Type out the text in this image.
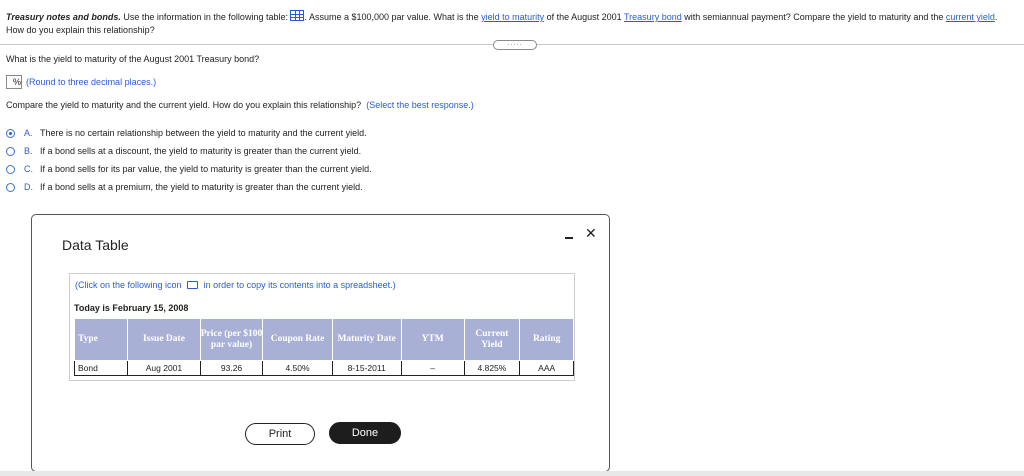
Treasury notes and bonds. Use the information in the following table: . Assume a $100,000 par value. What is the yield to maturity of the August 2001 Treasury bond with semiannual payment? Compare the yield to maturity and the current yield. How do you explain this relationship?
.....
What is the yield to maturity of the August 2001 Treasury bond?
% (Round to three decimal places.)
Compare the yield to maturity and the current yield. How do you explain this relationship? (Select the best response.)
A. There is no certain relationship between the yield to maturity and the current yield.
B. If a bond sells at a discount, the yield to maturity is greater than the current yield.
C. If a bond sells for its par value, the yield to maturity is greater than the current yield.
D. If a bond sells at a premium, the yield to maturity is greater than the current yield.
Data Table
✕
(Click on the following icon  in order to copy its contents into a spreadsheet.)
Today is February 15, 2008
Type	Issue Date	Price (per $100 par value)	Coupon Rate	Maturity Date	YTM	Current Yield	Rating
Bond	Aug 2001	93.26	4.50%	8-15-2011	–	4.825%	AAA
Print	Done
